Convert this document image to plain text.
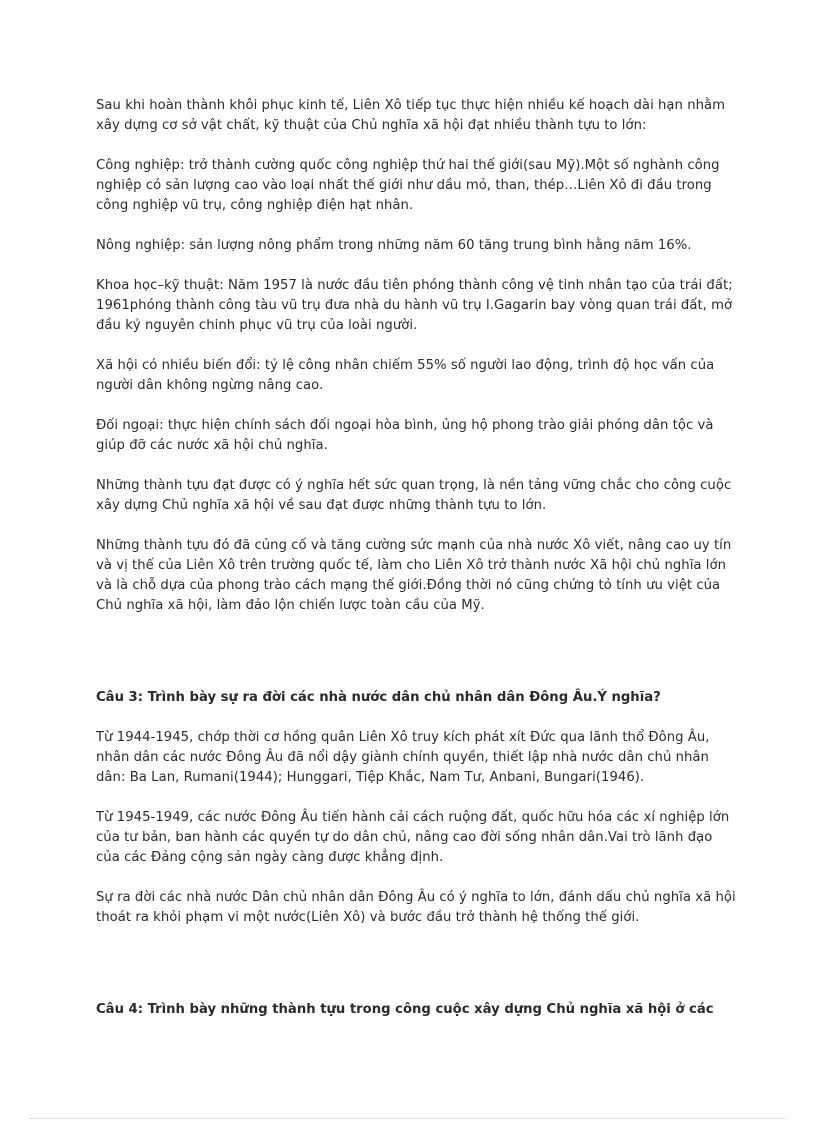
Sau khi hoàn thành khôi phục kinh tế, Liên Xô tiếp tục thực hiện nhiều kế hoạch dài hạn nhằm xây dựng cơ sở vật chất, kỹ thuật của Chủ nghĩa xã hội đạt nhiều thành tựu to lớn:

Công nghiệp: trở thành cường quốc công nghiệp thứ hai thế giới(sau Mỹ).Một số nghành công nghiệp có sản lượng cao vào loại nhất thế giới như dầu mỏ, than, thép…Liên Xô đi đầu trong công nghiệp vũ trụ, công nghiệp điện hạt nhân.

Nông nghiệp: sản lượng nông phẩm trong những năm 60 tăng trung bình hằng năm 16%.

Khoa học–kỹ thuật: Năm 1957 là nước đầu tiên phóng thành công vệ tinh nhân tạo của trái đất; 1961phóng thành công tàu vũ trụ đưa nhà du hành vũ trụ I.Gagarin bay vòng quan trái đất, mở đầu kỷ nguyên chinh phục vũ trụ của loài người.

Xã hội có nhiều biến đổi: tỷ lệ công nhân chiếm 55% số người lao động, trình độ học vấn của người dân không ngừng nâng cao.

Đối ngoại: thực hiện chính sách đối ngoại hòa bình, ủng hộ phong trào giải phóng dân tộc và giúp đỡ các nước xã hội chủ nghĩa.

Những thành tựu đạt được có ý nghĩa hết sức quan trọng, là nền tảng vững chắc cho công cuộc xây dựng Chủ nghĩa xã hội về sau đạt được những thành tựu to lớn.

Những thành tựu đó đã củng cố và tăng cường sức mạnh của nhà nước Xô viết, nâng cao uy tín và vị thế của Liên Xô trên trường quốc tế, làm cho Liên Xô trở thành nước Xã hội chủ nghĩa lớn và là chỗ dựa của phong trào cách mạng thế giới.Đồng thời nó cũng chứng tỏ tính ưu việt của Chủ nghĩa xã hội, làm đảo lộn chiến lược toàn cầu của Mỹ.

Câu 3: Trình bày sự ra đời các nhà nước dân chủ nhân dân Đông Âu.Ý nghĩa?

Từ 1944-1945, chớp thời cơ hồng quân Liên Xô truy kích phát xít Đức qua lãnh thổ Đông Âu, nhân dân các nước Đông Âu đã nổi dậy giành chính quyền, thiết lập nhà nước dân chủ nhân dân: Ba Lan, Rumani(1944); Hunggari, Tiệp Khắc, Nam Tư, Anbani, Bungari(1946).

Từ 1945-1949, các nước Đông Âu tiến hành cải cách ruộng đất, quốc hữu hóa các xí nghiệp lớn của tư bản, ban hành các quyền tự do dân chủ, nâng cao đời sống nhân dân.Vai trò lãnh đạo của các Đảng cộng sản ngày càng được khẳng định.

Sự ra đời các nhà nước Dân chủ nhân dân Đông Âu có ý nghĩa to lớn, đánh dấu chủ nghĩa xã hội thoát ra khỏi phạm vi một nước(Liên Xô) và bước đầu trở thành hệ thống thế giới.

Câu 4: Trình bày những thành tựu trong công cuộc xây dựng Chủ nghĩa xã hội ở các
